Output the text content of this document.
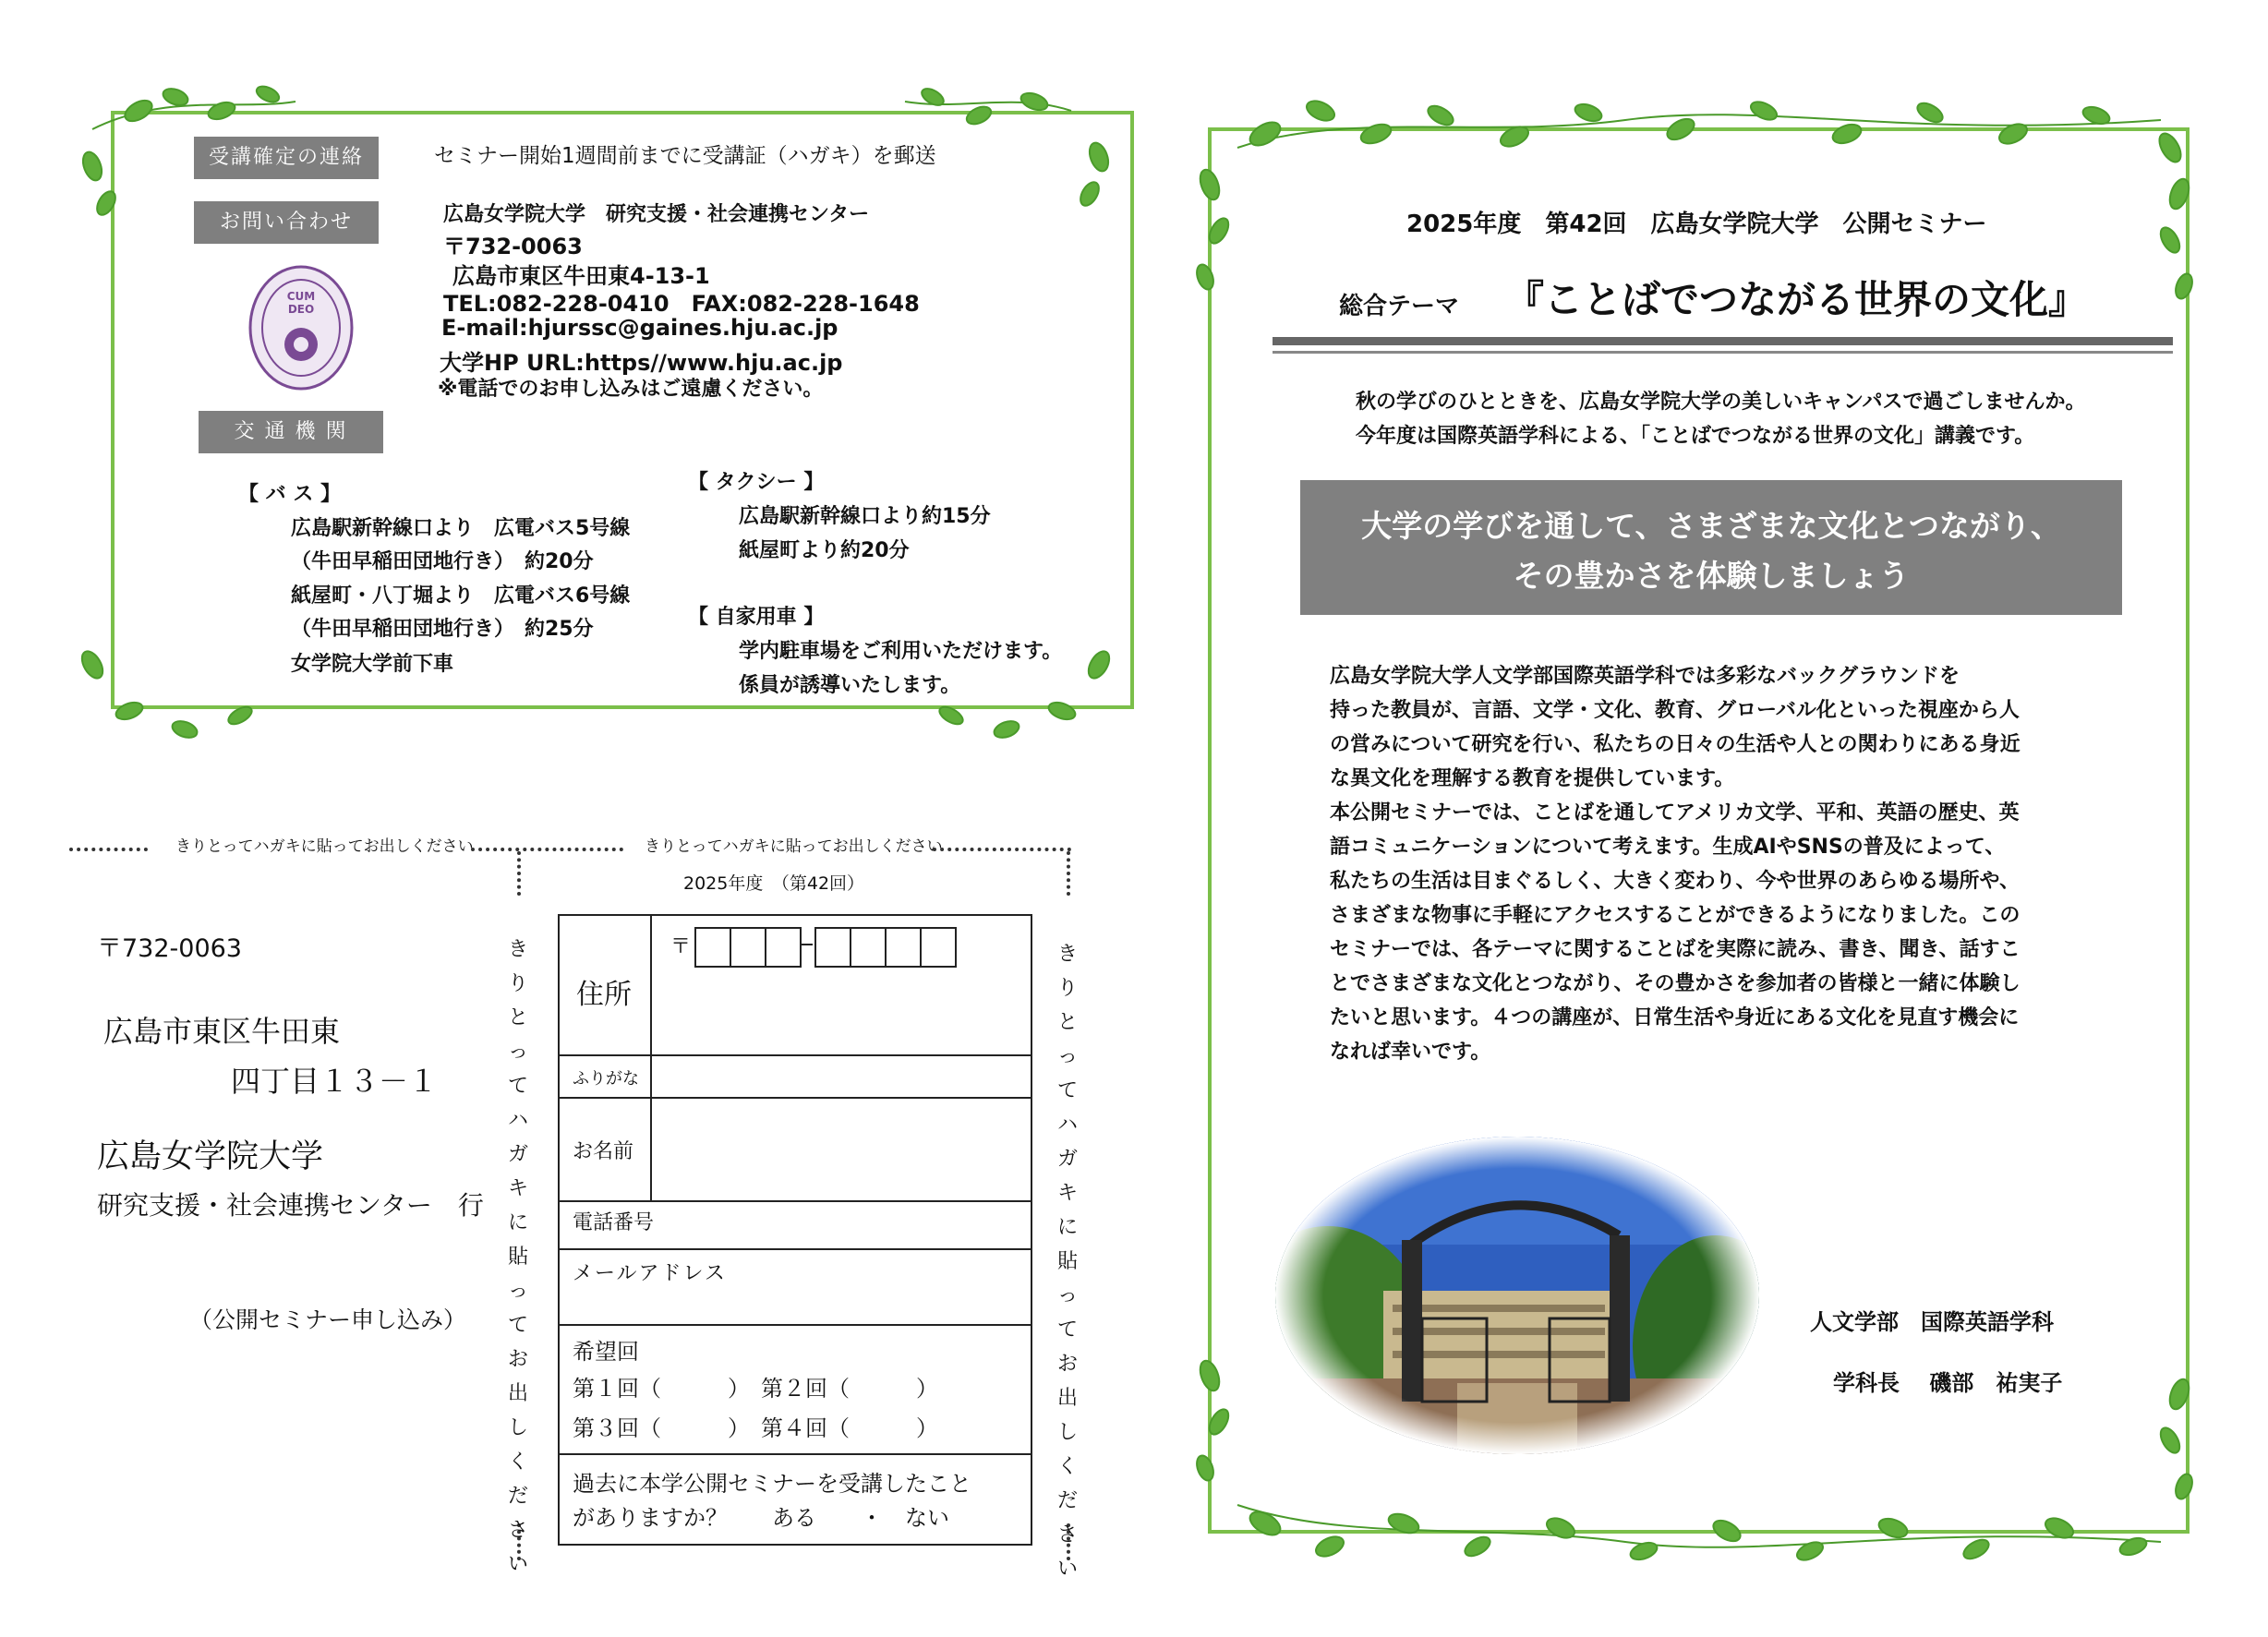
受講確定の連絡	セミナー開始1週間前までに受講証（ハガキ）を郵送
お問い合わせ	広島女学院大学　研究支援・社会連携センター
〒732-0063
広島市東区牛田東4-13-1
TEL:082-228-0410　FAX:082-228-1648
E-mail:hjurssc@gaines.hju.ac.jp
大学HP URL:https//www.hju.ac.jp
※電話でのお申し込みはご遠慮ください。
CUM
DEO
交 通 機 関
【 バ ス 】
広島駅新幹線口より　広電バス5号線
（牛田早稲田団地行き）　約20分
紙屋町・八丁堀より　広電バス6号線
（牛田早稲田団地行き）　約25分
女学院大学前下車
【 タクシー 】
広島駅新幹線口より約15分
紙屋町より約20分
【 自家用車 】
学内駐車場をご利用いただけます。
係員が誘導いたします。
きりとってハガキに貼ってお出しください	きりとってハガキに貼ってお出しください
きりとってハガキに貼ってお出しください
きりとってハガキに貼ってお出しください
〒732-0063
広島市東区牛田東
四丁目１３－１
広島女学院大学
研究支援・社会連携センター　行
（公開セミナー申し込み）
2025年度　（第42回）
住所
〒
ふりがな
お名前
電話番号
メールアドレス
希望回
第１回（　　　）　第２回（　　　）
第３回（　　　）　第４回（　　　）
過去に本学公開セミナーを受講したこと
がありますか？　　ある　　・　ない
2025年度　第42回　広島女学院大学　公開セミナー
総合テーマ 『ことばでつながる世界の文化』
秋の学びのひとときを、広島女学院大学の美しいキャンパスで過ごしませんか。
今年度は国際英語学科による、「ことばでつながる世界の文化」講義です。
大学の学びを通して、さまざまな文化とつながり、
その豊かさを体験しましょう
広島女学院大学人文学部国際英語学科では多彩なバックグラウンドを
持った教員が、言語、文学・文化、教育、グローバル化といった視座から人
の営みについて研究を行い、私たちの日々の生活や人との関わりにある身近
な異文化を理解する教育を提供しています。
本公開セミナーでは、ことばを通してアメリカ文学、平和、英語の歴史、英
語コミュニケーションについて考えます。生成AIやSNSの普及によって、
私たちの生活は目まぐるしく、大きく変わり、今や世界のあらゆる場所や、
さまざまな物事に手軽にアクセスすることができるようになりました。この
セミナーでは、各テーマに関することばを実際に読み、書き、聞き、話すこ
とでさまざまな文化とつながり、その豊かさを参加者の皆様と一緒に体験し
たいと思います。４つの講座が、日常生活や身近にある文化を見直す機会に
なれば幸いです。
人文学部　国際英語学科
学科長　 磯部　祐実子
